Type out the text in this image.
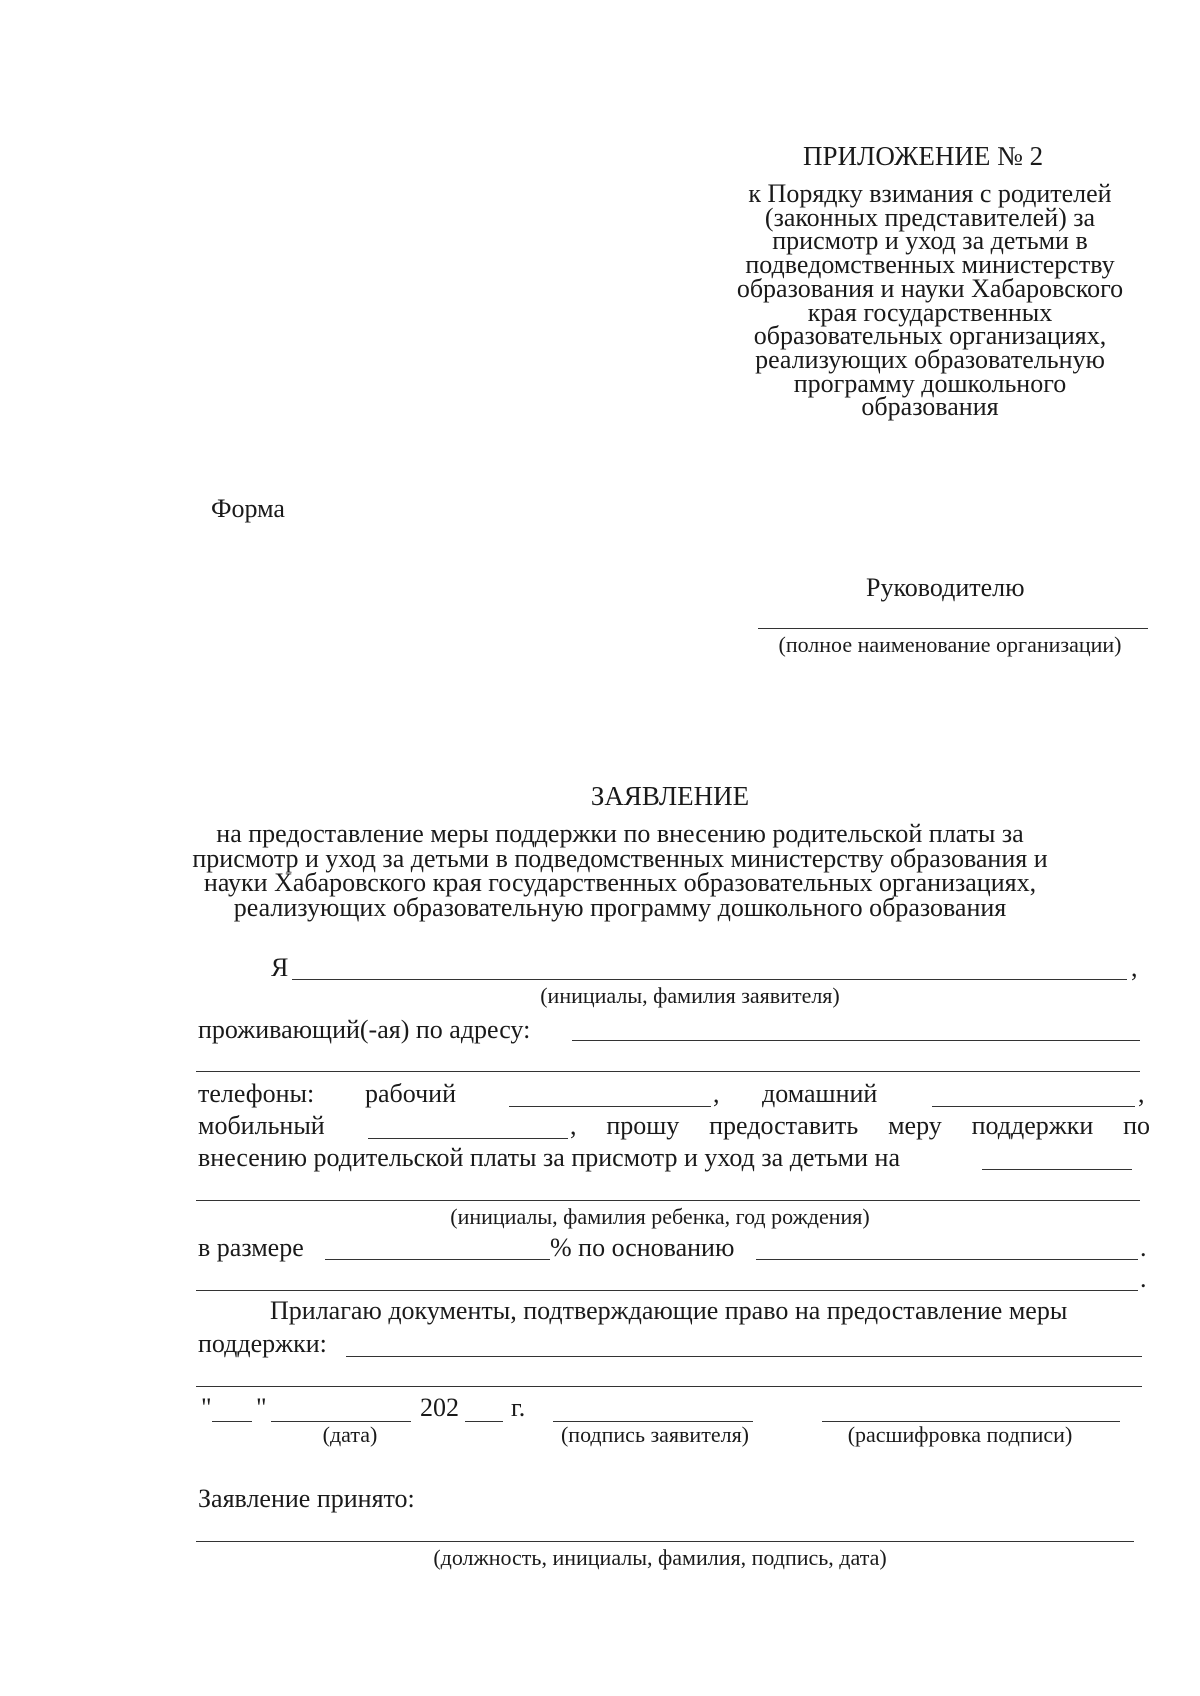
ПРИЛОЖЕНИЕ № 2
к Порядку взимания с родителей
(законных представителей) за
присмотр и уход за детьми в
подведомственных министерству
образования и науки Хабаровского
края государственных
образовательных организациях,
реализующих образовательную
программу дошкольного
образования
Форма
Руководителю
(полное наименование организации)
ЗАЯВЛЕНИЕ
на предоставление меры поддержки по внесению родительской платы за
присмотр и уход за детьми в подведомственных министерству образования и
науки Хабаровского края государственных образовательных организациях,
реализующих образовательную программу дошкольного образования
Я	,
(инициалы, фамилия заявителя)
проживающий(-ая) по адресу:
телефоны: рабочий	, домашний	,
мобильный	, прошу предоставить меру поддержки по
внесению родительской платы за присмотр и уход за детьми на
(инициалы, фамилия ребенка, год рождения)
в размере	% по основанию	.
.
Прилагаю документы, подтверждающие право на предоставление меры
поддержки:
" "	202 г.
(дата)	(подпись заявителя)	(расшифровка подписи)
Заявление принято:
(должность, инициалы, фамилия, подпись, дата)
